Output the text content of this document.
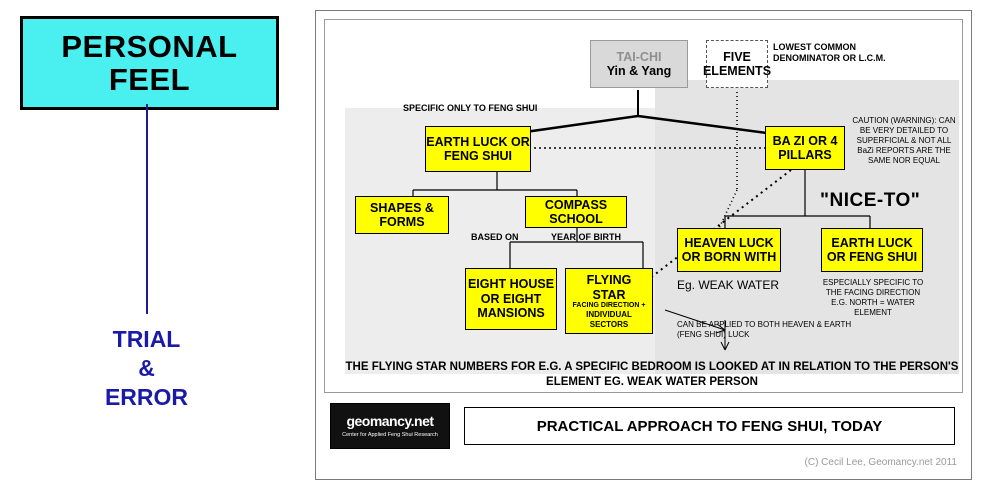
PERSONAL FEEL
TRIAL
&
ERROR
TAI-CHI
Yin & Yang
FIVE ELEMENTS
LOWEST COMMON DENOMINATOR OR L.C.M.
SPECIFIC ONLY TO FENG SHUI
EARTH LUCK OR FENG SHUI
BA ZI OR 4 PILLARS
CAUTION (WARNING): CAN BE VERY DETAILED TO SUPERFICIAL & NOT ALL BaZi REPORTS ARE THE SAME NOR EQUAL
"NICE-TO"
SHAPES & FORMS
COMPASS SCHOOL
BASED ON	YEAR OF BIRTH
EIGHT HOUSE OR EIGHT MANSIONS
FLYING STAR
FACING DIRECTION +
INDIVIDUAL SECTORS
HEAVEN LUCK OR BORN WITH
EARTH LUCK OR FENG SHUI
Eg. WEAK WATER	ESPECIALLY SPECIFIC TO THE FACING DIRECTION E.G. NORTH = WATER ELEMENT
CAN BE APPLIED TO BOTH HEAVEN & EARTH (FENG SHUI) LUCK
THE FLYING STAR NUMBERS FOR E.G. A SPECIFIC BEDROOM IS LOOKED AT IN RELATION TO THE PERSON'S ELEMENT EG. WEAK WATER PERSON
geomancy.net
Center for Applied Feng Shui Research
PRACTICAL APPROACH TO FENG SHUI, TODAY
(C) Cecil Lee, Geomancy.net 2011
